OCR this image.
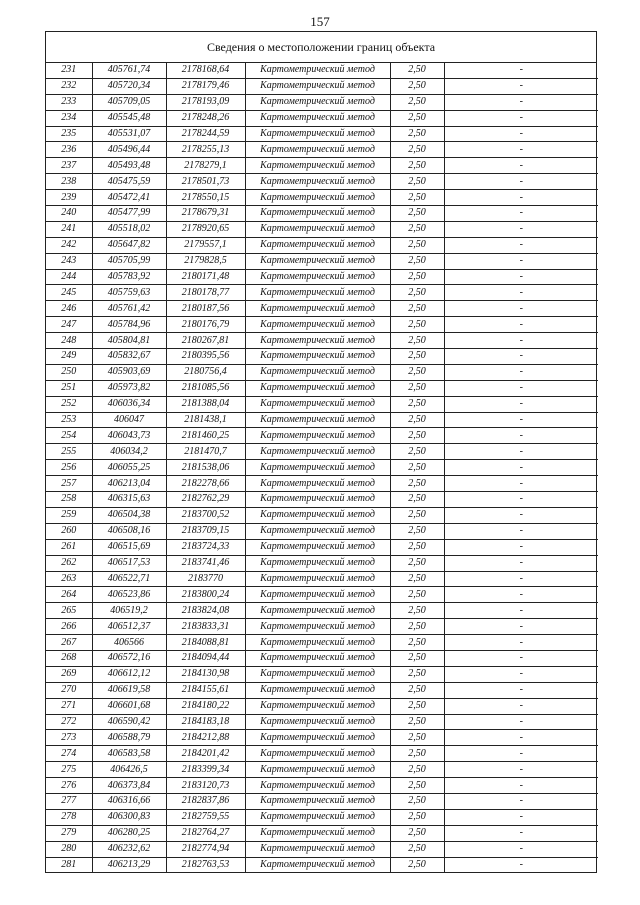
157
Сведения о местоположении границ объекта
231	405761,74	2178168,64	Картометрический метод	2,50	-
232	405720,34	2178179,46	Картометрический метод	2,50	-
233	405709,05	2178193,09	Картометрический метод	2,50	-
234	405545,48	2178248,26	Картометрический метод	2,50	-
235	405531,07	2178244,59	Картометрический метод	2,50	-
236	405496,44	2178255,13	Картометрический метод	2,50	-
237	405493,48	2178279,1	Картометрический метод	2,50	-
238	405475,59	2178501,73	Картометрический метод	2,50	-
239	405472,41	2178550,15	Картометрический метод	2,50	-
240	405477,99	2178679,31	Картометрический метод	2,50	-
241	405518,02	2178920,65	Картометрический метод	2,50	-
242	405647,82	2179557,1	Картометрический метод	2,50	-
243	405705,99	2179828,5	Картометрический метод	2,50	-
244	405783,92	2180171,48	Картометрический метод	2,50	-
245	405759,63	2180178,77	Картометрический метод	2,50	-
246	405761,42	2180187,56	Картометрический метод	2,50	-
247	405784,96	2180176,79	Картометрический метод	2,50	-
248	405804,81	2180267,81	Картометрический метод	2,50	-
249	405832,67	2180395,56	Картометрический метод	2,50	-
250	405903,69	2180756,4	Картометрический метод	2,50	-
251	405973,82	2181085,56	Картометрический метод	2,50	-
252	406036,34	2181388,04	Картометрический метод	2,50	-
253	406047	2181438,1	Картометрический метод	2,50	-
254	406043,73	2181460,25	Картометрический метод	2,50	-
255	406034,2	2181470,7	Картометрический метод	2,50	-
256	406055,25	2181538,06	Картометрический метод	2,50	-
257	406213,04	2182278,66	Картометрический метод	2,50	-
258	406315,63	2182762,29	Картометрический метод	2,50	-
259	406504,38	2183700,52	Картометрический метод	2,50	-
260	406508,16	2183709,15	Картометрический метод	2,50	-
261	406515,69	2183724,33	Картометрический метод	2,50	-
262	406517,53	2183741,46	Картометрический метод	2,50	-
263	406522,71	2183770	Картометрический метод	2,50	-
264	406523,86	2183800,24	Картометрический метод	2,50	-
265	406519,2	2183824,08	Картометрический метод	2,50	-
266	406512,37	2183833,31	Картометрический метод	2,50	-
267	406566	2184088,81	Картометрический метод	2,50	-
268	406572,16	2184094,44	Картометрический метод	2,50	-
269	406612,12	2184130,98	Картометрический метод	2,50	-
270	406619,58	2184155,61	Картометрический метод	2,50	-
271	406601,68	2184180,22	Картометрический метод	2,50	-
272	406590,42	2184183,18	Картометрический метод	2,50	-
273	406588,79	2184212,88	Картометрический метод	2,50	-
274	406583,58	2184201,42	Картометрический метод	2,50	-
275	406426,5	2183399,34	Картометрический метод	2,50	-
276	406373,84	2183120,73	Картометрический метод	2,50	-
277	406316,66	2182837,86	Картометрический метод	2,50	-
278	406300,83	2182759,55	Картометрический метод	2,50	-
279	406280,25	2182764,27	Картометрический метод	2,50	-
280	406232,62	2182774,94	Картометрический метод	2,50	-
281	406213,29	2182763,53	Картометрический метод	2,50	-
